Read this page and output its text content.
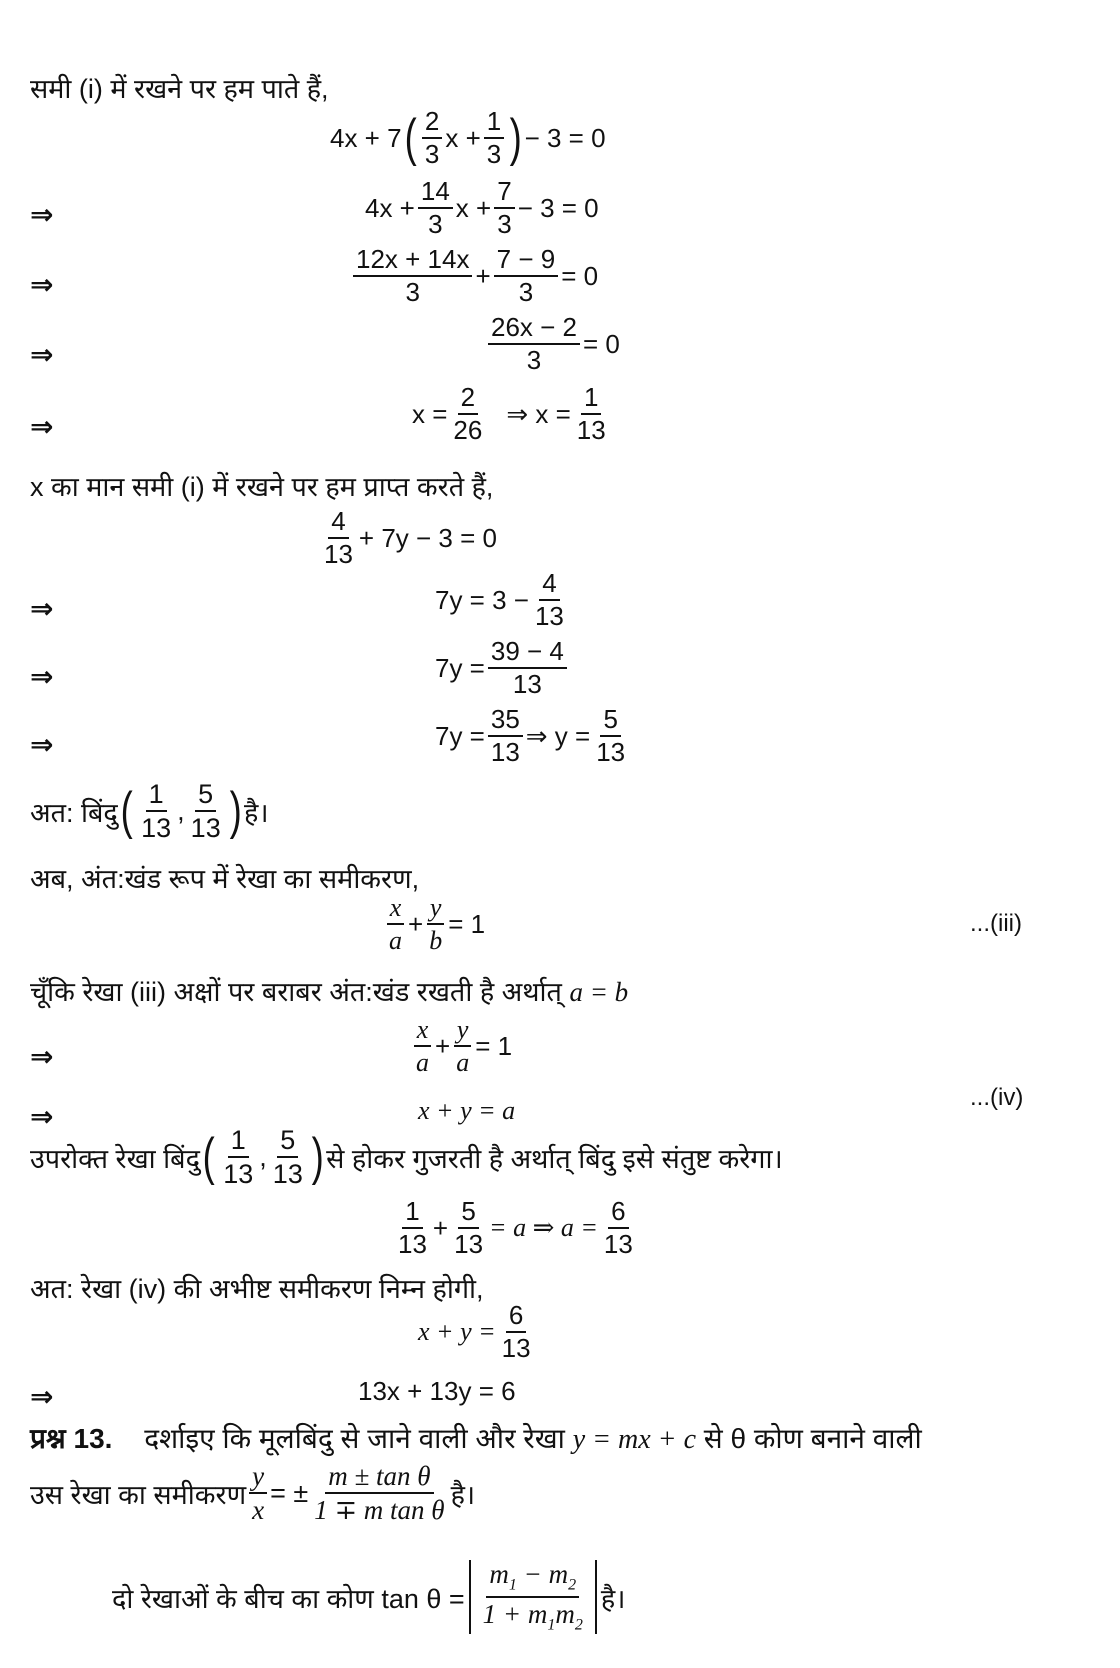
समी (i) में रखने पर हम पाते हैं,
4x + 7 ( $\frac{2}{3}$ $x + \frac{1}{3}$ ) − 3 = 0
⇒	$4x + \frac{14}{3}$ $x + \frac{7}{3} - 3 = 0$
⇒	$\frac{12x + 14x}{3} + \frac{7 - 9}{3} = 0$
⇒	$\frac{26x - 2}{3} = 0$
⇒	$x = \frac{2}{26}$ ⇒ $x = \frac{1}{13}$
x का मान समी (i) में रखने पर हम प्राप्त करते हैं,
$\frac{4}{13} + 7y - 3 = 0$
⇒	$7y = 3 - \frac{4}{13}$
⇒	$7y = \frac{39 - 4}{13}$
⇒	$7y = \frac{35}{13}$ ⇒ $y = \frac{5}{13}$
अत: बिंदु ( $\frac{1}{13}$ , $\frac{5}{13}$ ) है।
अब, अंत:खंड रूप में रेखा का समीकरण,
$\frac{x}{a} + \frac{y}{b} = 1$	...(iii)
चूँकि रेखा (iii) अक्षों पर बराबर अंत:खंड रखती है अर्थात् a = b
⇒	$\frac{x}{a} + \frac{y}{a} = 1$
⇒	x + y = a	...(iv)
उपरोक्त रेखा बिंदु ( $\frac{1}{13}$ , $\frac{5}{13}$ ) से होकर गुजरती है अर्थात् बिंदु इसे संतुष्ट करेगा।
$\frac{1}{13} + \frac{5}{13} = a$ ⇒ $a = \frac{6}{13}$
अत: रेखा (iv) की अभीष्ट समीकरण निम्न होगी,
$x + y = \frac{6}{13}$
⇒	13x + 13y = 6
प्रश्न 13. दर्शाइए कि मूलबिंदु से जाने वाली और रेखा y = mx + c से θ कोण बनाने वाली
उस रेखा का समीकरण $\frac{y}{x}$ = ± $\frac{\text{m ± tan θ}}{\text{1 ∓ m tan θ}}$ है।
दो रेखाओं के बीच का कोण $\tan \theta = \frac{m_1 - m_2}{1 + m_1m_2}$ है।
